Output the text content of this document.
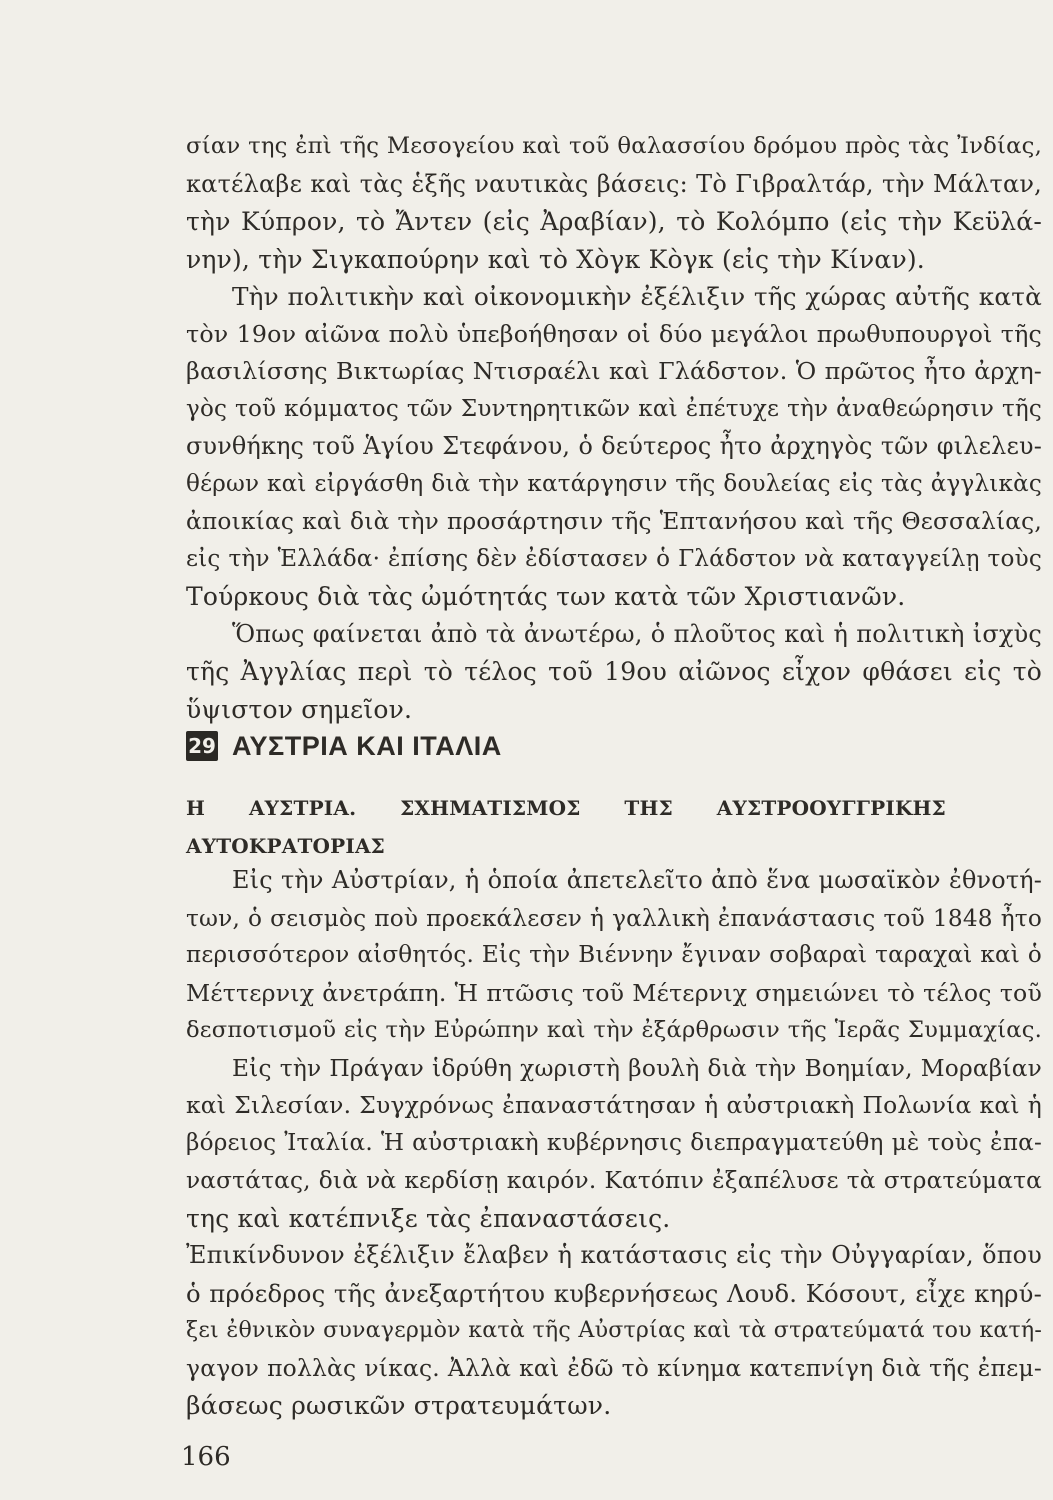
σίαν της ἐπὶ τῆς Μεσογείου καὶ τοῦ θαλασσίου δρόμου πρὸς τὰς Ἰνδίας,
κατέλαβε καὶ τὰς ἑξῆς ναυτικὰς βάσεις: Τὸ Γιβραλτάρ, τὴν Μάλταν,
τὴν Κύπρον, τὸ Ἄντεν (εἰς Ἀραβίαν), τὸ Κολόμπο (εἰς τὴν Κεϋλά-
νην), τὴν Σιγκαπούρην καὶ τὸ Χὸγκ Κὸγκ (εἰς τὴν Κίναν).
Τὴν πολιτικὴν καὶ οἰκονομικὴν ἐξέλιξιν τῆς χώρας αὐτῆς κατὰ
τὸν 19ον αἰῶνα πολὺ ὑπεβοήθησαν οἱ δύο μεγάλοι πρωθυπουργοὶ τῆς
βασιλίσσης Βικτωρίας Ντισραέλι καὶ Γλάδστον. Ὁ πρῶτος ἦτο ἀρχη-
γὸς τοῦ κόμματος τῶν Συντηρητικῶν καὶ ἐπέτυχε τὴν ἀναθεώρησιν τῆς
συνθήκης τοῦ Ἁγίου Στεφάνου, ὁ δεύτερος ἦτο ἀρχηγὸς τῶν φιλελευ-
θέρων καὶ εἰργάσθη διὰ τὴν κατάργησιν τῆς δουλείας εἰς τὰς ἀγγλικὰς
ἀποικίας καὶ διὰ τὴν προσάρτησιν τῆς Ἑπτανήσου καὶ τῆς Θεσσαλίας,
εἰς τὴν Ἑλλάδα· ἐπίσης δὲν ἐδίστασεν ὁ Γλάδστον νὰ καταγγείλῃ τοὺς
Τούρκους διὰ τὰς ὠμότητάς των κατὰ τῶν Χριστιανῶν.
Ὅπως φαίνεται ἀπὸ τὰ ἀνωτέρω, ὁ πλοῦτος καὶ ἡ πολιτικὴ ἰσχὺς
τῆς Ἀγγλίας περὶ τὸ τέλος τοῦ 19ου αἰῶνος εἶχον φθάσει εἰς τὸ
ὕψιστον σημεῖον.
29 ΑΥΣΤΡΙΑ ΚΑΙ ΙΤΑΛΙΑ
Η ΑΥΣΤΡΙΑ. ΣΧΗΜΑΤΙΣΜΟΣ ΤΗΣ ΑΥΣΤΡΟΟΥΓΓΡΙΚΗΣ
ΑΥΤΟΚΡΑΤΟΡΙΑΣ
Εἰς τὴν Αὐστρίαν, ἡ ὁποία ἀπετελεῖτο ἀπὸ ἕνα μωσαϊκὸν ἐθνοτή-
των, ὁ σεισμὸς ποὺ προεκάλεσεν ἡ γαλλικὴ ἐπανάστασις τοῦ 1848 ἦτο
περισσότερον αἰσθητός. Εἰς τὴν Βιέννην ἔγιναν σοβαραὶ ταραχαὶ καὶ ὁ
Μέττερνιχ ἀνετράπη. Ἡ πτῶσις τοῦ Μέτερνιχ σημειώνει τὸ τέλος τοῦ
δεσποτισμοῦ εἰς τὴν Εὐρώπην καὶ τὴν ἐξάρθρωσιν τῆς Ἱερᾶς Συμμαχίας.
Εἰς τὴν Πράγαν ἱδρύθη χωριστὴ βουλὴ διὰ τὴν Βοημίαν, Μοραβίαν
καὶ Σιλεσίαν. Συγχρόνως ἐπαναστάτησαν ἡ αὐστριακὴ Πολωνία καὶ ἡ
βόρειος Ἰταλία. Ἡ αὐστριακὴ κυβέρνησις διεπραγματεύθη μὲ τοὺς ἐπα-
ναστάτας, διὰ νὰ κερδίσῃ καιρόν. Κατόπιν ἐξαπέλυσε τὰ στρατεύματα
της καὶ κατέπνιξε τὰς ἐπαναστάσεις.
Ἐπικίνδυνον ἐξέλιξιν ἔλαβεν ἡ κατάστασις εἰς τὴν Οὐγγαρίαν, ὅπου
ὁ πρόεδρος τῆς ἀνεξαρτήτου κυβερνήσεως Λουδ. Κόσουτ, εἶχε κηρύ-
ξει ἐθνικὸν συναγερμὸν κατὰ τῆς Αὐστρίας καὶ τὰ στρατεύματά του κατή-
γαγον πολλὰς νίκας. Ἀλλὰ καὶ ἐδῶ τὸ κίνημα κατεπνίγη διὰ τῆς ἐπεμ-
βάσεως ρωσικῶν στρατευμάτων.
166
